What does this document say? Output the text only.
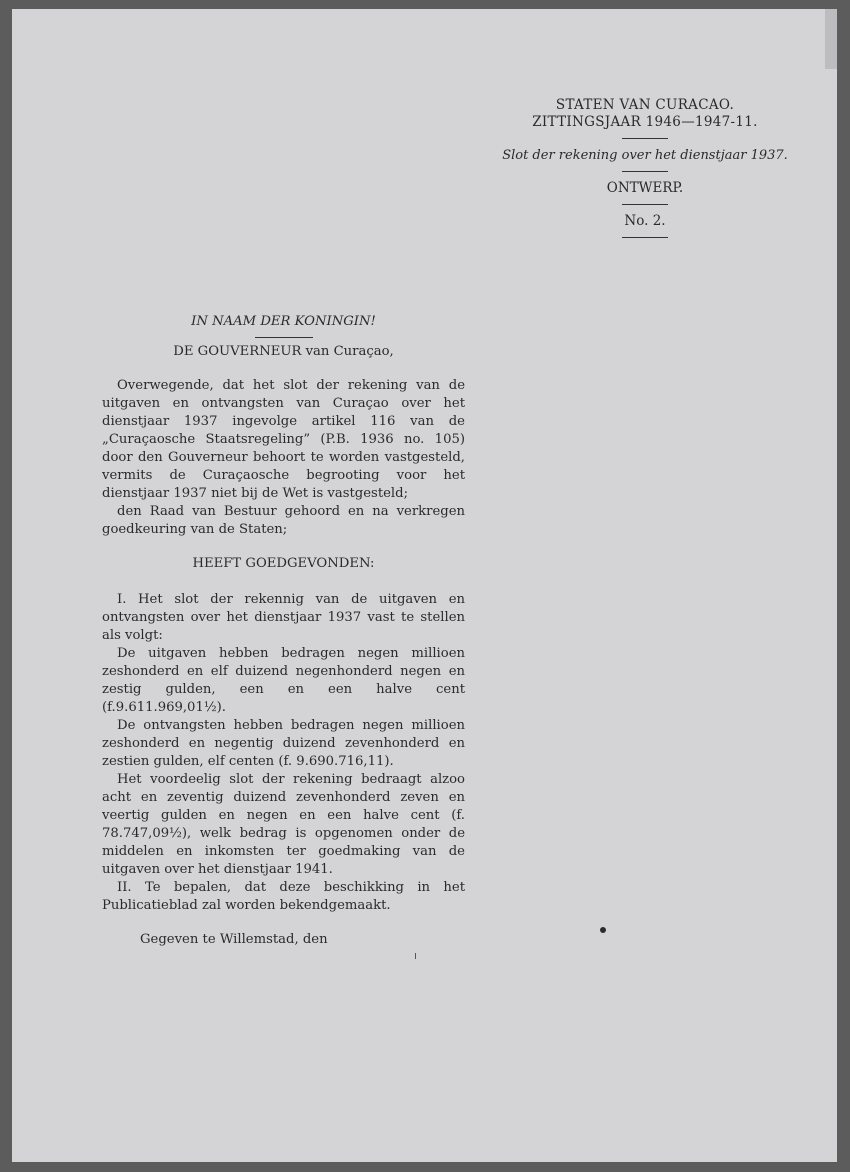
STATEN VAN CURACAO.
ZITTINGSJAAR 1946—1947-11.
Slot der rekening over het dienstjaar 1937.
ONTWERP.
No. 2.
IN NAAM DER KONINGIN!
DE GOUVERNEUR van Curaçao,

Overwegende, dat het slot der rekening van de uitgaven en ontvangsten van Curaçao over het dienstjaar 1937 ingevolge artikel 116 van de „Curaçaosche Staatsregeling” (P.B. 1936 no. 105) door den Gouverneur behoort te worden vastgesteld, vermits de Curaçaosche begrooting voor het dienstjaar 1937 niet bij de Wet is vastgesteld;

den Raad van Bestuur gehoord en na verkregen goedkeuring van de Staten;

HEEFT GOEDGEVONDEN:

I. Het slot der rekennig van de uitgaven en ontvangsten over het dienstjaar 1937 vast te stellen als volgt:

De uitgaven hebben bedragen negen millioen zeshonderd en elf duizend negenhonderd negen en zestig gulden, een en een halve cent (f.9.611.969,01½).

De ontvangsten hebben bedragen negen millioen zeshonderd en negentig duizend zevenhonderd en zestien gulden, elf centen (f. 9.690.716,11).

Het voordeelig slot der rekening bedraagt alzoo acht en zeventig duizend zevenhonderd zeven en veertig gulden en negen en een halve cent (f. 78.747,09½), welk bedrag is opgenomen onder de middelen en inkomsten ter goedmaking van de uitgaven over het dienstjaar 1941.

II. Te bepalen, dat deze beschikking in het Publicatieblad zal worden bekendgemaakt.

Gegeven te Willemstad, den
